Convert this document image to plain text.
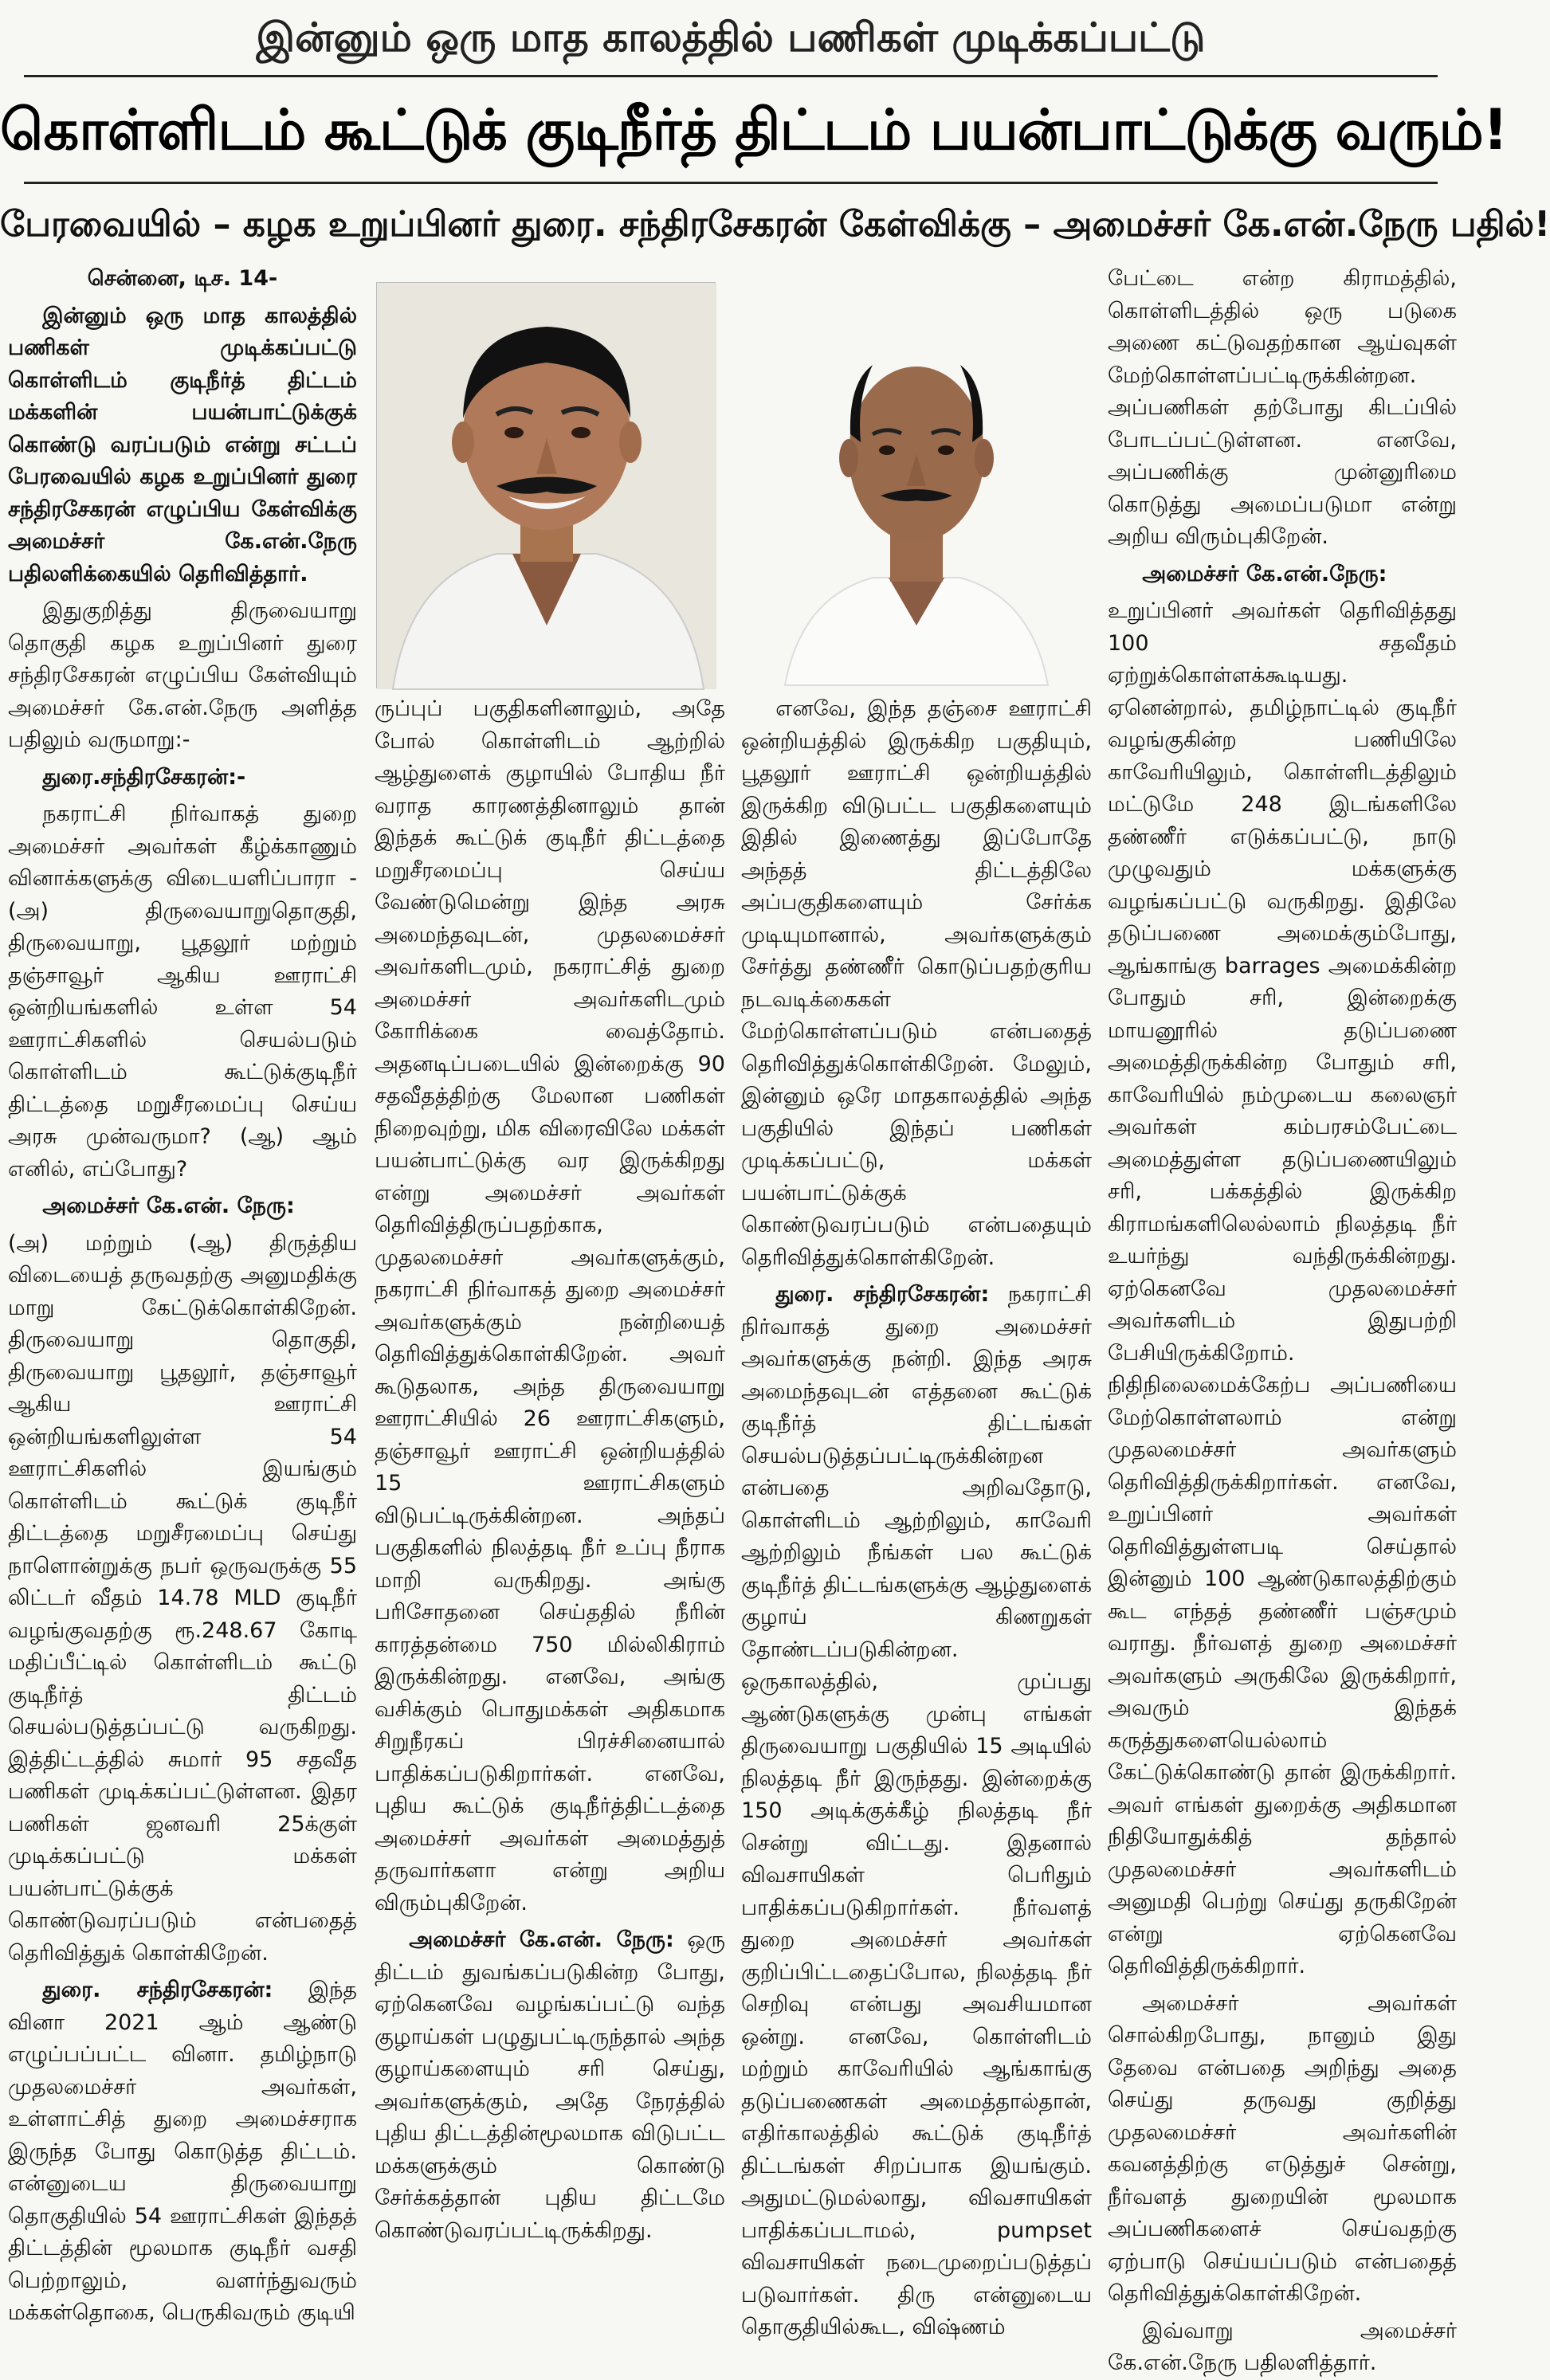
இன்னும் ஒரு மாத காலத்தில் பணிகள் முடிக்கப்பட்டு
கொள்ளிடம் கூட்டுக் குடிநீர்த் திட்டம் பயன்பாட்டுக்கு வரும்!
பேரவையில் – கழக உறுப்பினர் துரை. சந்திரசேகரன் கேள்விக்கு – அமைச்சர் கே.என்.நேரு பதில்!

சென்னை, டிச. 14-

இன்னும் ஒரு மாத காலத்தில் பணிகள் முடிக்கப்பட்டு கொள்ளிடம் குடிநீர்த் திட்டம் மக்களின் பயன்பாட்டுக்குக் கொண்டு வரப்படும் என்று சட்டப் பேரவையில் கழக உறுப்பினர் துரை சந்திரசேகரன் எழுப்பிய கேள்விக்கு அமைச்சர் கே.என்.நேரு பதிலளிக்கையில் தெரிவித்தார்.

இதுகுறித்து திருவையாறு தொகுதி கழக உறுப்பினர் துரை சந்திரசேகரன் எழுப்பிய கேள்வியும் அமைச்சர் கே.என்.நேரு அளித்த பதிலும் வருமாறு:-

துரை.சந்திரசேகரன்:-

நகராட்சி நிர்வாகத் துறை அமைச்சர் அவர்கள் கீழ்க்காணும் வினாக்களுக்கு விடையளிப்பாரா - (அ) திருவையாறுதொகுதி, திருவையாறு, பூதலூர் மற்றும் தஞ்சாவூர் ஆகிய ஊராட்சி ஒன்றியங்களில் உள்ள 54 ஊராட்சிகளில் செயல்படும் கொள்ளிடம் கூட்டுக்குடிநீர் திட்டத்தை மறுசீரமைப்பு செய்ய அரசு முன்வருமா? (ஆ) ஆம் எனில், எப்போது?

அமைச்சர் கே.என். நேரு:

(அ) மற்றும் (ஆ) திருத்திய விடையைத் தருவதற்கு அனுமதிக்கு மாறு கேட்டுக்கொள்கிறேன். திருவையாறு தொகுதி, திருவையாறு பூதலூர், தஞ்சாவூர் ஆகிய ஊராட்சி ஒன்றியங்களிலுள்ள 54 ஊராட்சிகளில் இயங்கும் கொள்ளிடம் கூட்டுக் குடிநீர் திட்டத்தை மறுசீரமைப்பு செய்து நாளொன்றுக்கு நபர் ஒருவருக்கு 55 லிட்டர் வீதம் 14.78 MLD குடிநீர் வழங்குவதற்கு ரூ.248.67 கோடி மதிப்பீட்டில் கொள்ளிடம் கூட்டு குடிநீர்த் திட்டம் செயல்படுத்தப்பட்டு வருகிறது. இத்திட்டத்தில் சுமார் 95 சதவீத பணிகள் முடிக்கப்பட்டுள்ளன. இதர பணிகள் ஜனவரி 25க்குள் முடிக்கப்பட்டு மக்கள் பயன்பாட்டுக்குக் கொண்டுவரப்படும் என்பதைத் தெரிவித்துக் கொள்கிறேன்.

துரை. சந்திரசேகரன்: இந்த வினா 2021 ஆம் ஆண்டு எழுப்பப்பட்ட வினா. தமிழ்நாடு முதலமைச்சர் அவர்கள், உள்ளாட்சித் துறை அமைச்சராக இருந்த போது கொடுத்த திட்டம். என்னுடைய திருவையாறு தொகுதியில் 54 ஊராட்சிகள் இந்தத் திட்டத்தின் மூலமாக குடிநீர் வசதி பெற்றாலும், வளர்ந்துவரும் மக்கள்தொகை, பெருகிவரும் குடியி

ருப்புப் பகுதிகளினாலும், அதே போல் கொள்ளிடம் ஆற்றில் ஆழ்துளைக் குழாயில் போதிய நீர் வராத காரணத்தினாலும் தான் இந்தக் கூட்டுக் குடிநீர் திட்டத்தை மறுசீரமைப்பு செய்ய வேண்டுமென்று இந்த அரசு அமைந்தவுடன், முதலமைச்சர் அவர்களிடமும், நகராட்சித் துறை அமைச்சர் அவர்களிடமும் கோரிக்கை வைத்தோம். அதனடிப்படையில் இன்றைக்கு 90 சதவீதத்திற்கு மேலான பணிகள் நிறைவுற்று, மிக விரைவிலே மக்கள் பயன்பாட்டுக்கு வர இருக்கிறது என்று அமைச்சர் அவர்கள் தெரிவித்திருப்பதற்காக, முதலமைச்சர் அவர்களுக்கும், நகராட்சி நிர்வாகத் துறை அமைச்சர் அவர்களுக்கும் நன்றியைத் தெரிவித்துக்கொள்கிறேன். அவர் கூடுதலாக, அந்த திருவையாறு ஊராட்சியில் 26 ஊராட்சிகளும், தஞ்சாவூர் ஊராட்சி ஒன்றியத்தில் 15 ஊராட்சிகளும் விடுபட்டிருக்கின்றன. அந்தப் பகுதிகளில் நிலத்தடி நீர் உப்பு நீராக மாறி வருகிறது. அங்கு பரிசோதனை செய்ததில் நீரின் காரத்தன்மை 750 மில்லிகிராம் இருக்கின்றது. எனவே, அங்கு வசிக்கும் பொதுமக்கள் அதிகமாக சிறுநீரகப் பிரச்சினையால் பாதிக்கப்படுகிறார்கள். எனவே, புதிய கூட்டுக் குடிநீர்த்திட்டத்தை அமைச்சர் அவர்கள் அமைத்துத் தருவார்களா என்று அறிய விரும்புகிறேன்.

அமைச்சர் கே.என். நேரு: ஒரு திட்டம் துவங்கப்படுகின்ற போது, ஏற்கெனவே வழங்கப்பட்டு வந்த குழாய்கள் பழுதுபட்டிருந்தால் அந்த குழாய்களையும் சரி செய்து, அவர்களுக்கும், அதே நேரத்தில் புதிய திட்டத்தின்மூலமாக விடுபட்ட மக்களுக்கும் கொண்டு சேர்க்கத்தான் புதிய திட்டமே கொண்டுவரப்பட்டிருக்கிறது.

எனவே, இந்த தஞ்சை ஊராட்சி ஒன்றியத்தில் இருக்கிற பகுதியும், பூதலூர் ஊராட்சி ஒன்றியத்தில் இருக்கிற விடுபட்ட பகுதிகளையும் இதில் இணைத்து இப்போதே அந்தத் திட்டத்திலே அப்பகுதிகளையும் சேர்க்க முடியுமானால், அவர்களுக்கும் சேர்த்து தண்ணீர் கொடுப்பதற்குரிய நடவடிக்கைகள் மேற்கொள்ளப்படும் என்பதைத் தெரிவித்துக்கொள்கிறேன். மேலும், இன்னும் ஒரே மாதகாலத்தில் அந்த பகுதியில் இந்தப் பணிகள் முடிக்கப்பட்டு, மக்கள் பயன்பாட்டுக்குக் கொண்டுவரப்படும் என்பதையும் தெரிவித்துக்கொள்கிறேன்.

துரை. சந்திரசேகரன்: நகராட்சி நிர்வாகத் துறை அமைச்சர் அவர்களுக்கு நன்றி. இந்த அரசு அமைந்தவுடன் எத்தனை கூட்டுக் குடிநீர்த் திட்டங்கள் செயல்படுத்தப்பட்டிருக்கின்றன என்பதை அறிவதோடு, கொள்ளிடம் ஆற்றிலும், காவேரி ஆற்றிலும் நீங்கள் பல கூட்டுக் குடிநீர்த் திட்டங்களுக்கு ஆழ்துளைக் குழாய் கிணறுகள் தோண்டப்படுகின்றன. ஒருகாலத்தில், முப்பது ஆண்டுகளுக்கு முன்பு எங்கள் திருவையாறு பகுதியில் 15 அடியில் நிலத்தடி நீர் இருந்தது. இன்றைக்கு 150 அடிக்குக்கீழ் நிலத்தடி நீர் சென்று விட்டது. இதனால் விவசாயிகள் பெரிதும் பாதிக்கப்படுகிறார்கள். நீர்வளத் துறை அமைச்சர் அவர்கள் குறிப்பிட்டதைப்போல, நிலத்தடி நீர் செறிவு என்பது அவசியமான ஒன்று. எனவே, கொள்ளிடம் மற்றும் காவேரியில் ஆங்காங்கு தடுப்பணைகள் அமைத்தால்தான், எதிர்காலத்தில் கூட்டுக் குடிநீர்த் திட்டங்கள் சிறப்பாக இயங்கும். அதுமட்டுமல்லாது, விவசாயிகள் பாதிக்கப்படாமல், pumpset விவசாயிகள் நடைமுறைப்படுத்தப் படுவார்கள். திரு என்னுடைய தொகுதியில்கூட, விஷ்ணம்

பேட்டை என்ற கிராமத்தில், கொள்ளிடத்தில் ஒரு படுகை அணை கட்டுவதற்கான ஆய்வுகள் மேற்கொள்ளப்பட்டிருக்கின்றன. அப்பணிகள் தற்போது கிடப்பில் போடப்பட்டுள்ளன. எனவே, அப்பணிக்கு முன்னுரிமை கொடுத்து அமைப்படுமா என்று அறிய விரும்புகிறேன்.

அமைச்சர் கே.என்.நேரு:

உறுப்பினர் அவர்கள் தெரிவித்தது 100 சதவீதம் ஏற்றுக்கொள்ளக்கூடியது. ஏனென்றால், தமிழ்நாட்டில் குடிநீர் வழங்குகின்ற பணியிலே காவேரியிலும், கொள்ளிடத்திலும் மட்டுமே 248 இடங்களிலே தண்ணீர் எடுக்கப்பட்டு, நாடு முழுவதும் மக்களுக்கு வழங்கப்பட்டு வருகிறது. இதிலே தடுப்பணை அமைக்கும்போது, ஆங்காங்கு barrages அமைக்கின்ற போதும் சரி, இன்றைக்கு மாயனூரில் தடுப்பணை அமைத்திருக்கின்ற போதும் சரி, காவேரியில் நம்முடைய கலைஞர் அவர்கள் கம்பரசம்பேட்டை அமைத்துள்ள தடுப்பணையிலும் சரி, பக்கத்தில் இருக்கிற கிராமங்களிலெல்லாம் நிலத்தடி நீர் உயர்ந்து வந்திருக்கின்றது. ஏற்கெனவே முதலமைச்சர் அவர்களிடம் இதுபற்றி பேசியிருக்கிறோம். நிதிநிலைமைக்கேற்ப அப்பணியை மேற்கொள்ளலாம் என்று முதலமைச்சர் அவர்களும் தெரிவித்திருக்கிறார்கள். எனவே, உறுப்பினர் அவர்கள் தெரிவித்துள்ளபடி செய்தால் இன்னும் 100 ஆண்டுகாலத்திற்கும் கூட எந்தத் தண்ணீர் பஞ்சமும் வராது. நீர்வளத் துறை அமைச்சர் அவர்களும் அருகிலே இருக்கிறார், அவரும் இந்தக் கருத்துகளையெல்லாம் கேட்டுக்கொண்டு தான் இருக்கிறார். அவர் எங்கள் துறைக்கு அதிகமான நிதியோதுக்கித் தந்தால் முதலமைச்சர் அவர்களிடம் அனுமதி பெற்று செய்து தருகிறேன் என்று ஏற்கெனவே தெரிவித்திருக்கிறார்.

அமைச்சர் அவர்கள் சொல்கிறபோது, நானும் இது தேவை என்பதை அறிந்து அதை செய்து தருவது குறித்து முதலமைச்சர் அவர்களின் கவனத்திற்கு எடுத்துச் சென்று, நீர்வளத் துறையின் மூலமாக அப்பணிகளைச் செய்வதற்கு ஏற்பாடு செய்யப்படும் என்பதைத் தெரிவித்துக்கொள்கிறேன்.

இவ்வாறு அமைச்சர் கே.என்.நேரு பதிலளித்தார்.
